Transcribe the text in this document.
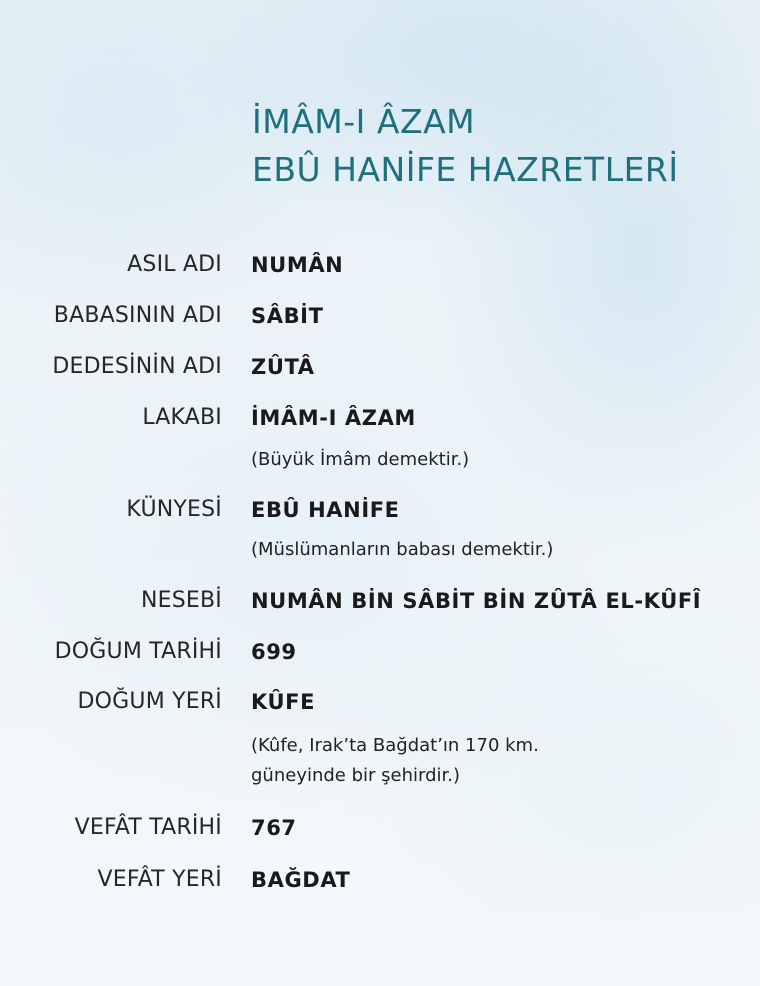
İMÂM-I ÂZAM
EBÛ HANİFE HAZRETLERİ
ASIL ADI NUMÂN
BABASININ ADI SÂBİT
DEDESİNİN ADI ZÛTÂ
LAKABI İMÂM-I ÂZAM
(Büyük İmâm demektir.)
KÜNYESİ EBÛ HANİFE
(Müslümanların babası demektir.)
NESEBİ NUMÂN BİN SÂBİT BİN ZÛTÂ EL-KÛFÎ
DOĞUM TARİHİ 699
DOĞUM YERİ KÛFE
(Kûfe, Irak’ta Bağdat’ın 170 km.
güneyinde bir şehirdir.)
VEFÂT TARİHİ 767
VEFÂT YERİ BAĞDAT
